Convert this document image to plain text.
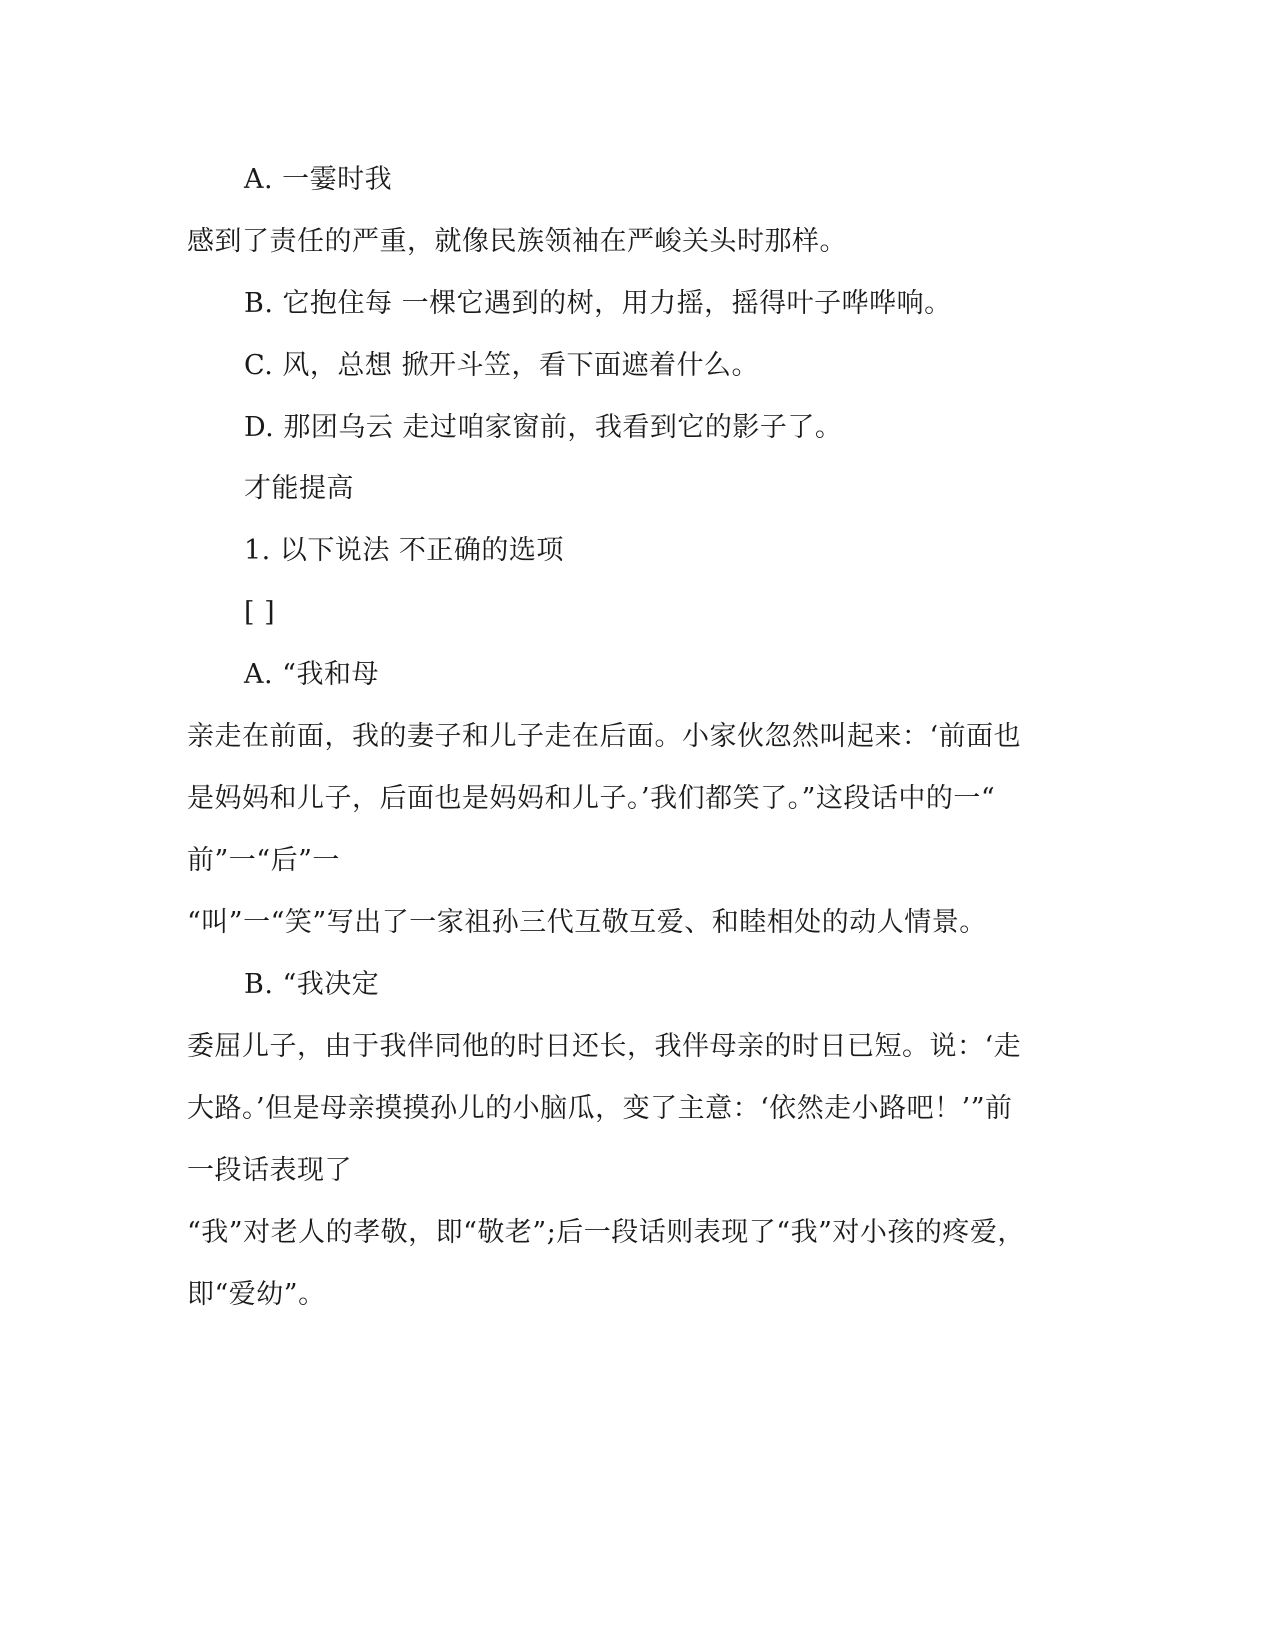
A. 一霎时我
感到了责任的严重，就像民族领袖在严峻关头时那样。
B. 它抱住每 一棵它遇到的树，用力摇，摇得叶子哗哗响。
C. 风，总想 掀开斗笠，看下面遮着什么。
D. 那团乌云 走过咱家窗前，我看到它的影子了。
才能提高
1. 以下说法 不正确的选项
[ ]
A. “我和母
亲走在前面，我的妻子和儿子走在后面。小家伙忽然叫起来：‘前面也
是妈妈和儿子，后面也是妈妈和儿子。’我们都笑了。”这段话中的一“
前”一“后”一
“叫”一“笑”写出了一家祖孙三代互敬互爱、和睦相处的动人情景。
B. “我决定
委屈儿子，由于我伴同他的时日还长，我伴母亲的时日已短。说：‘走
大路。’但是母亲摸摸孙儿的小脑瓜，变了主意：‘依然走小路吧！’”前
一段话表现了
“我”对老人的孝敬，即“敬老”;后一段话则表现了“我”对小孩的疼爱，
即“爱幼”。
